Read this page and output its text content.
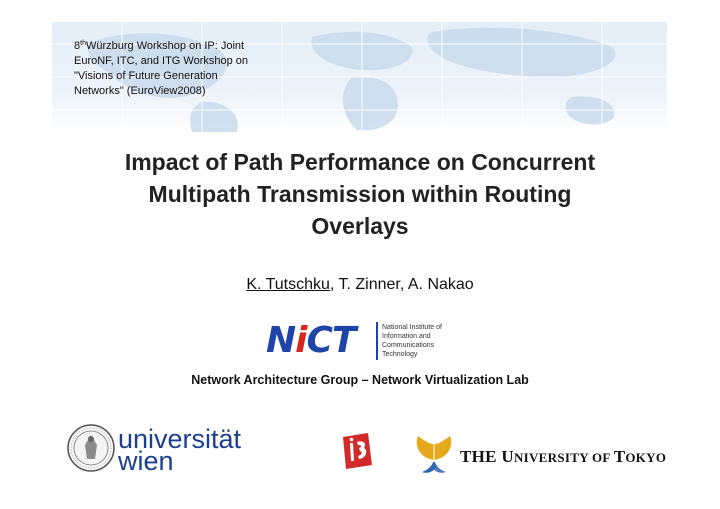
8thWürzburg Workshop on IP: Joint
EuroNF, ITC, and ITG Workshop on
"Visions of Future Generation
Networks" (EuroView2008)
Impact of Path Performance on Concurrent
Multipath Transmission within Routing
Overlays
K. Tutschku, T. Zinner, A. Nakao
NiCT	National Institute of
Information and
Communications
Technology
Network Architecture Group – Network Virtualization Lab
universität
wien	THE UNIVERSITY OF TOKYO
